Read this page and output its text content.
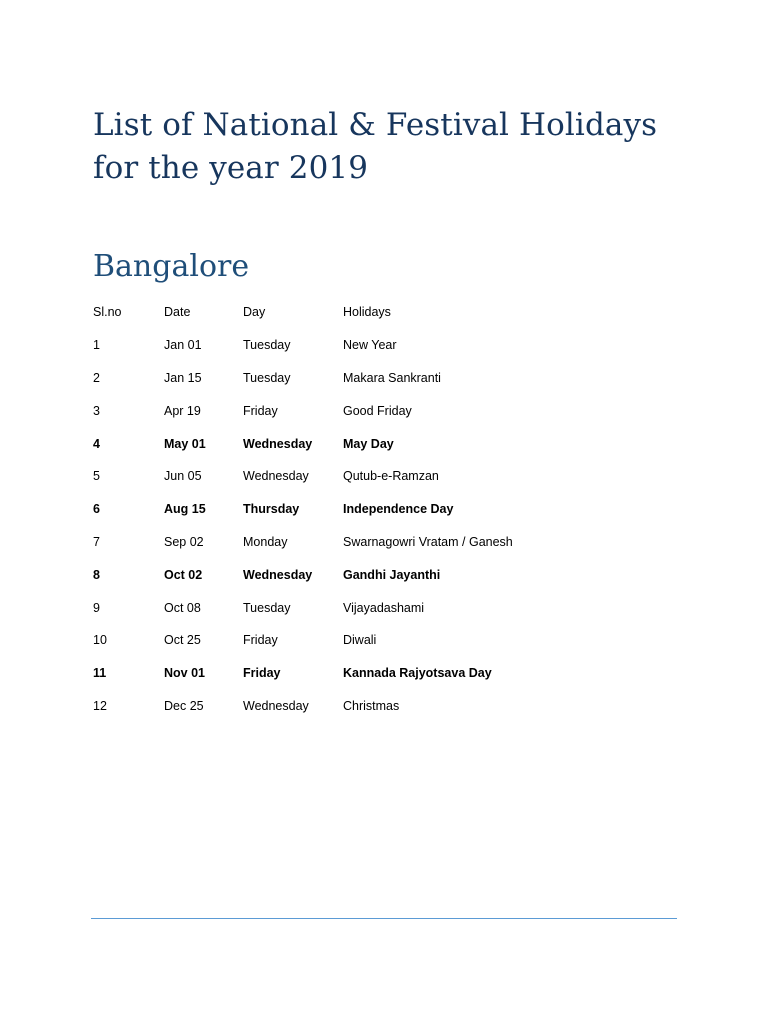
List of National & Festival Holidays for the year 2019
Bangalore
Sl.no	Date	Day	Holidays
1	Jan 01	Tuesday	New Year
2	Jan 15	Tuesday	Makara Sankranti
3	Apr 19	Friday	Good Friday
4	May 01	Wednesday	May Day
5	Jun 05	Wednesday	Qutub-e-Ramzan
6	Aug 15	Thursday	Independence Day
7	Sep 02	Monday	Swarnagowri Vratam / Ganesh
8	Oct 02	Wednesday	Gandhi Jayanthi
9	Oct 08	Tuesday	Vijayadashami
10	Oct 25	Friday	Diwali
11	Nov 01	Friday	Kannada Rajyotsava Day
12	Dec 25	Wednesday	Christmas
